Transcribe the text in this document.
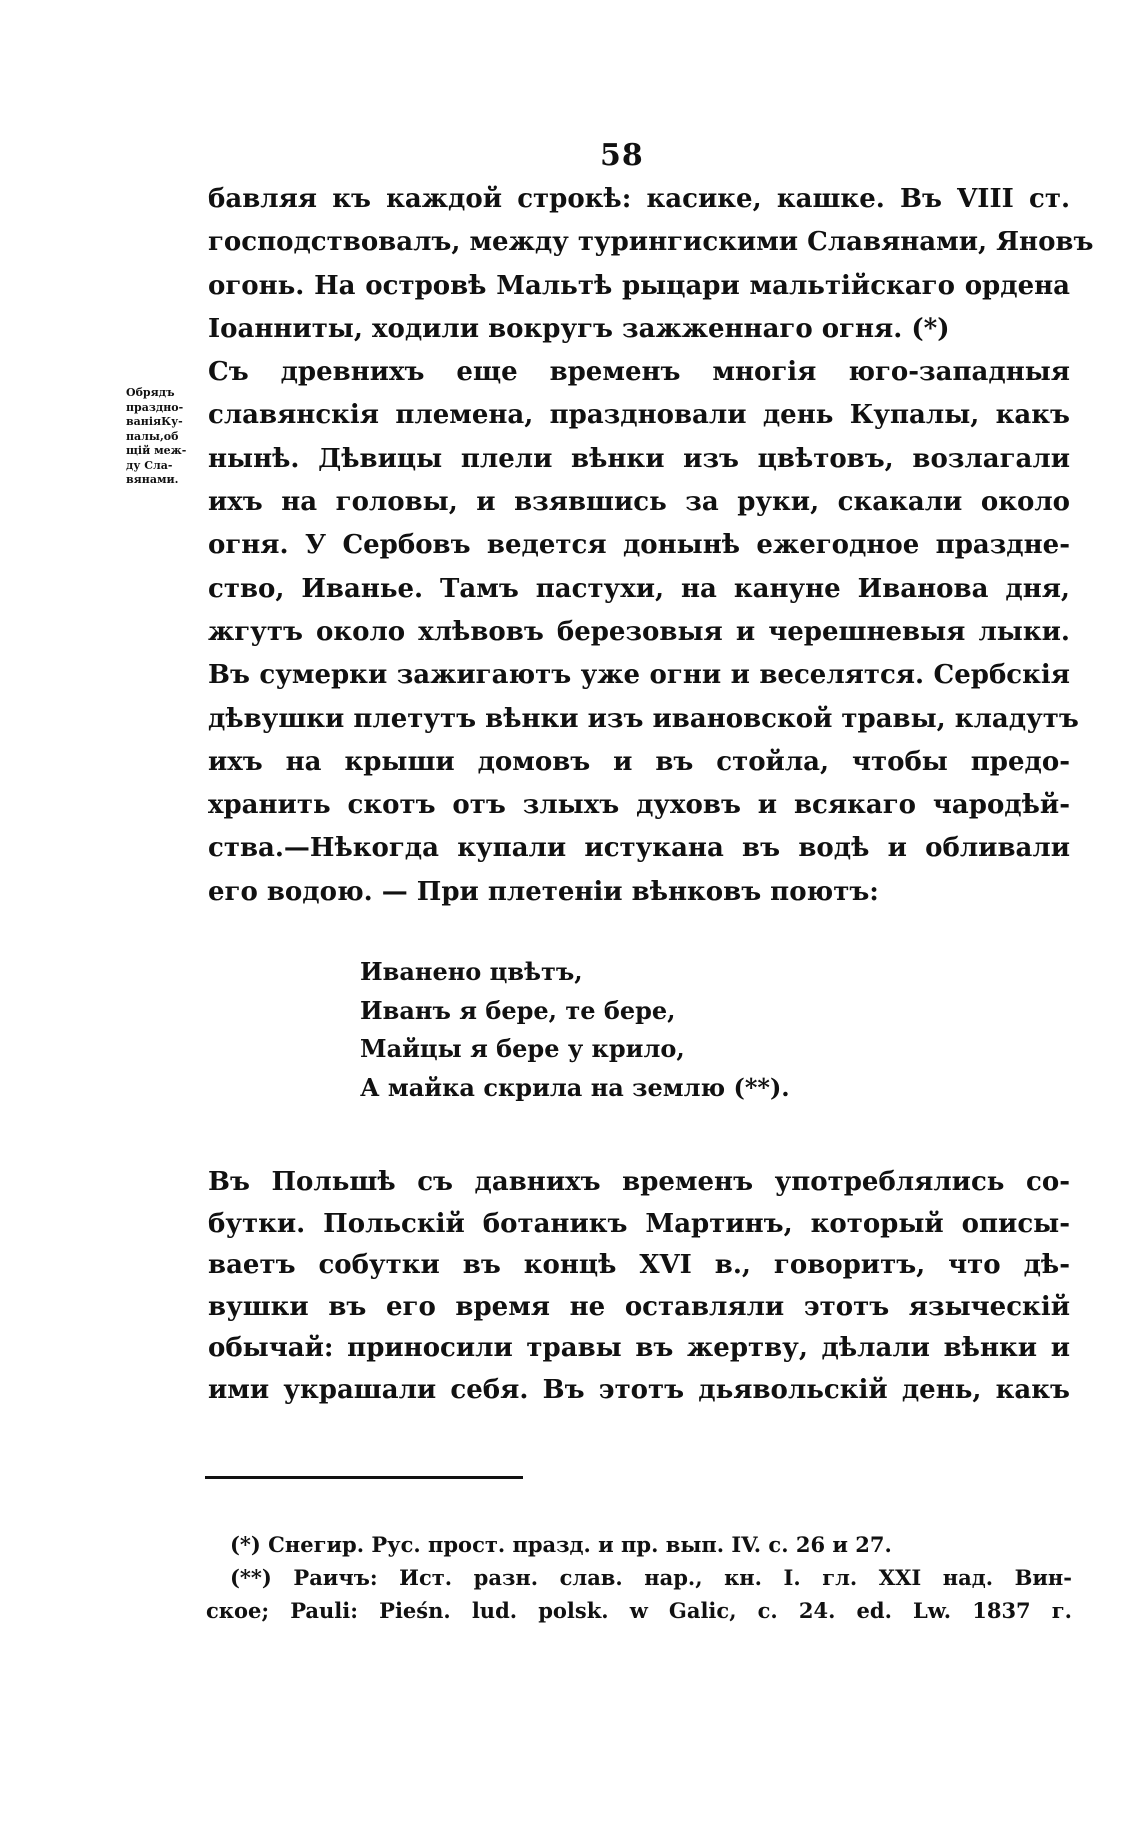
58
Обрядъ
праздно-
ванiяКу-
палы,об
щiй меж-
ду Сла-
вянами.
бавляя къ каждой строкѣ: касике, кашке. Въ VIII ст.
господствовалъ, между турингискими Славянами, Яновъ
огонь. На островѣ Мальтѣ рыцари мальтiйскаго ордена
Iоанниты, ходили вокругъ зажженнаго огня. (*)
Съ древнихъ еще временъ многiя юго-западныя
славянскiя племена, праздновали день Купалы, какъ
нынѣ. Дѣвицы плели вѣнки изъ цвѣтовъ, возлагали
ихъ на головы, и взявшись за руки, скакали около
огня. У Сербовъ ведется донынѣ ежегодное празднe-
ство, Иванье. Тамъ пастухи, на кануне Иванова дня,
жгутъ около хлѣвовъ березовыя и черешневыя лыки.
Въ сумерки зажигаютъ уже огни и веселятся. Сербскiя
дѣвушки плетутъ вѣнки изъ ивановской травы, кладутъ
ихъ на крыши домовъ и въ стойла, чтобы предо-
хранить скотъ отъ злыхъ духовъ и всякаго чародѣй-
ства.—Нѣкогда купали истукана въ водѣ и обливали
его водою. — При плетенiи вѣнковъ поютъ:
Иваненo цвѣтъ,
Иванъ я бере, те бере,
Майцы я бере у крило,
А майка скрила на землю (**).
Въ Польшѣ съ давнихъ временъ употреблялись со-
бутки. Польскiй ботаникъ Мартинъ, который описы-
ваетъ собутки въ концѣ XVI в., говоритъ, что дѣ-
вушки въ его время не оставляли этотъ языческiй
обычай: приносили травы въ жертву, дѣлали вѣнки и
ими украшали себя. Въ этотъ дьявольскiй день, какъ
(*) Снегир. Рус. прост. празд. и пр. вып. IV. с. 26 и 27.
(**) Раичъ: Ист. разн. слав. нар., кн. I. гл. XXI над. Вин-
ское; Pauli: Pieśn. lud. polsk. w Galic, c. 24. ed. Lw. 1837 г.
